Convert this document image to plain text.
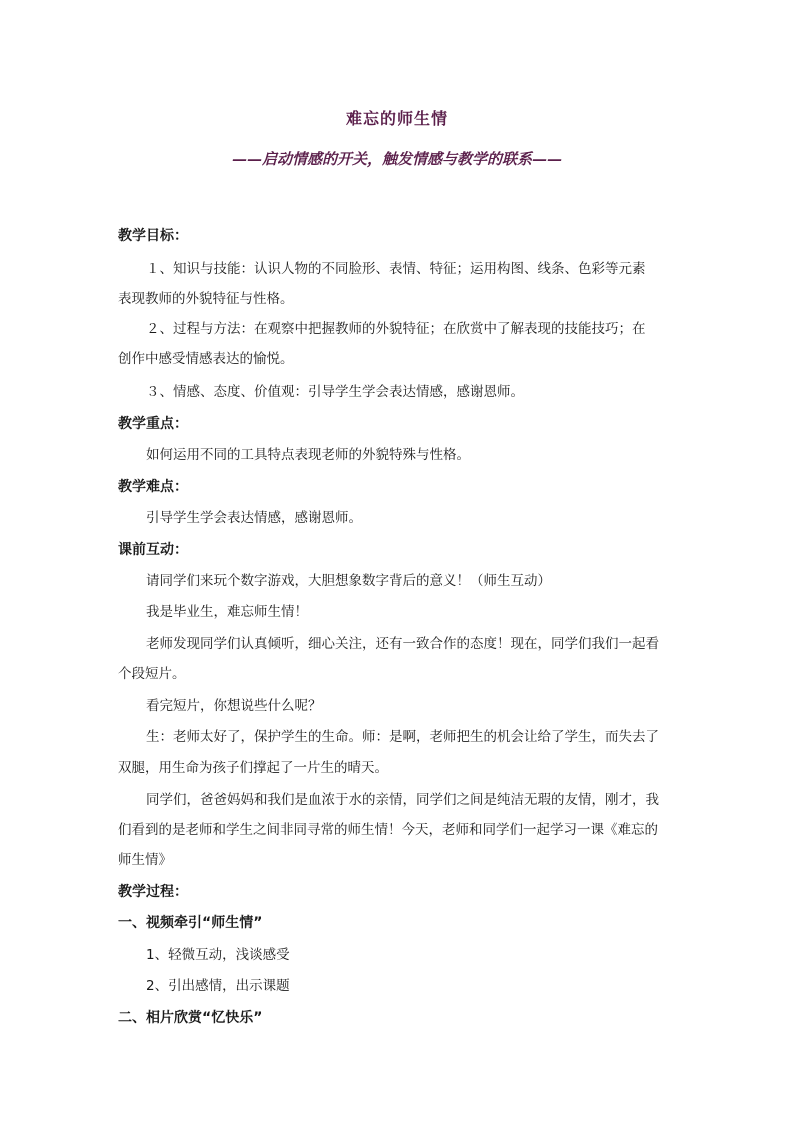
难忘的师生情
——启动情感的开关，触发情感与教学的联系——
教学目标：
１、知识与技能：认识人物的不同脸形、表情、特征；运用构图、线条、色彩等元素
表现教师的外貌特征与性格。
２、过程与方法：在观察中把握教师的外貌特征；在欣赏中了解表现的技能技巧；在
创作中感受情感表达的愉悦。
３、情感、态度、价值观：引导学生学会表达情感，感谢恩师。
教学重点：
如何运用不同的工具特点表现老师的外貌特殊与性格。
教学难点：
引导学生学会表达情感，感谢恩师。
课前互动：
请同学们来玩个数字游戏，大胆想象数字背后的意义！（师生互动）
我是毕业生，难忘师生情！
老师发现同学们认真倾听，细心关注，还有一致合作的态度！现在，同学们我们一起看
个段短片。
看完短片，你想说些什么呢？
生：老师太好了，保护学生的生命。师：是啊，老师把生的机会让给了学生，而失去了
双腿，用生命为孩子们撑起了一片生的晴天。
同学们，爸爸妈妈和我们是血浓于水的亲情，同学们之间是纯洁无瑕的友情，刚才，我
们看到的是老师和学生之间非同寻常的师生情！今天，老师和同学们一起学习一课《难忘的
师生情》
教学过程：
一、视频牵引“师生情”
1、轻微互动，浅谈感受
2、引出感情，出示课题
二、相片欣赏“忆快乐”
